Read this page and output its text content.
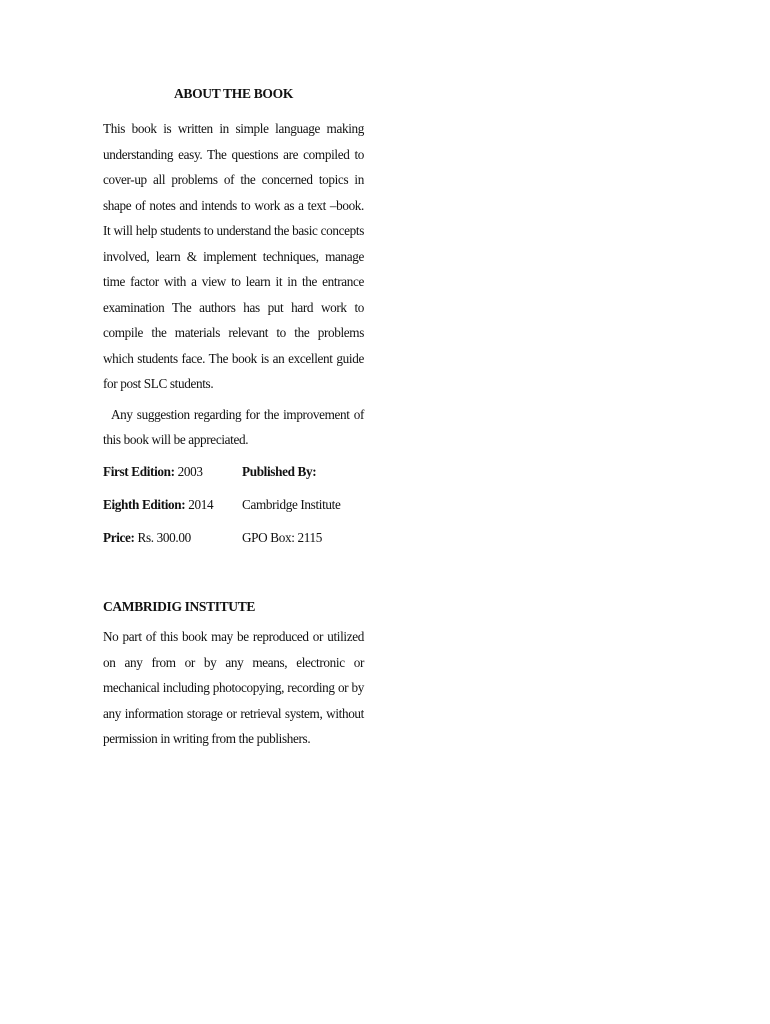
ABOUT THE BOOK

This book is written in simple language making understanding easy. The questions are compiled to cover-up all problems of the concerned topics in shape of notes and intends to work as a text –book. It will help students to understand the basic concepts involved, learn & implement techniques, manage time factor with a view to learn it in the entrance examination The authors has put hard work to compile the materials relevant to the problems which students face. The book is an excellent guide for post SLC students.

Any suggestion regarding for the improvement of this book will be appreciated.

First Edition: 2003	Published By:
Eighth Edition: 2014 Cambridge Institute
Price: Rs. 300.00	GPO Box: 2115
CAMBRIDIG INSTITUTE

No part of this book may be reproduced or utilized on any from or by any means, electronic or mechanical including photocopying, recording or by any information storage or retrieval system, without permission in writing from the publishers.
